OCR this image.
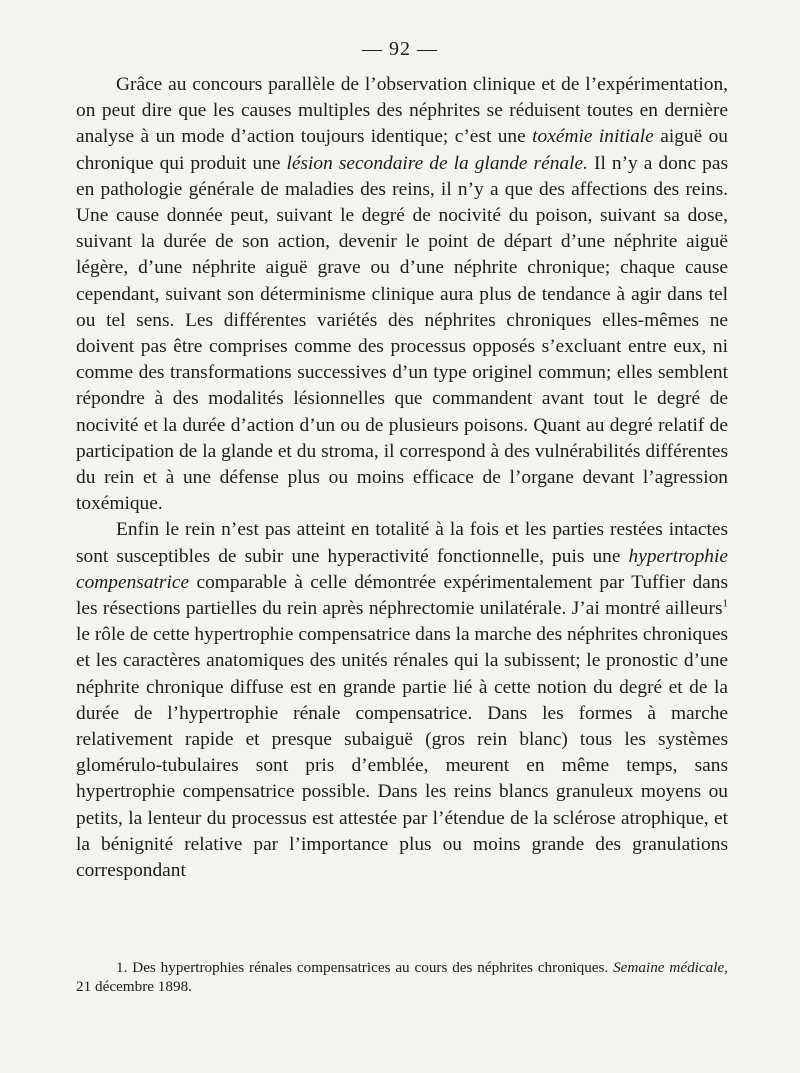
— 92 —

Grâce au concours parallèle de l’observation clinique et de l’expérimentation, on peut dire que les causes multiples des néphrites se réduisent toutes en dernière analyse à un mode d’action toujours identique; c’est une toxémie initiale aiguë ou chronique qui produit une lésion secondaire de la glande rénale. Il n’y a donc pas en pathologie générale de maladies des reins, il n’y a que des affections des reins. Une cause donnée peut, suivant le degré de nocivité du poison, suivant sa dose, suivant la durée de son action, devenir le point de départ d’une néphrite aiguë légère, d’une néphrite aiguë grave ou d’une néphrite chronique; chaque cause cependant, suivant son déterminisme clinique aura plus de tendance à agir dans tel ou tel sens. Les différentes variétés des néphrites chroniques elles-mêmes ne doivent pas être comprises comme des processus opposés s’excluant entre eux, ni comme des transformations successives d’un type originel commun; elles semblent répondre à des modalités lésionnelles que commandent avant tout le degré de nocivité et la durée d’action d’un ou de plusieurs poisons. Quant au degré relatif de participation de la glande et du stroma, il correspond à des vulnérabilités différentes du rein et à une défense plus ou moins efficace de l’organe devant l’agression toxémique.

Enfin le rein n’est pas atteint en totalité à la fois et les parties restées intactes sont susceptibles de subir une hyperactivité fonctionnelle, puis une hypertrophie compensatrice comparable à celle démontrée expérimentalement par Tuffier dans les résections partielles du rein après néphrectomie unilatérale. J’ai montré ailleurs$^1$ le rôle de cette hypertrophie compensatrice dans la marche des néphrites chroniques et les caractères anatomiques des unités rénales qui la subissent; le pronostic d’une néphrite chronique diffuse est en grande partie lié à cette notion du degré et de la durée de l’hypertrophie rénale compensatrice. Dans les formes à marche relativement rapide et presque subaiguë (gros rein blanc) tous les systèmes glomérulo-tubulaires sont pris d’emblée, meurent en même temps, sans hypertrophie compensatrice possible. Dans les reins blancs granuleux moyens ou petits, la lenteur du processus est attestée par l’étendue de la sclérose atrophique, et la bénignité relative par l’importance plus ou moins grande des granulations correspondant

1. Des hypertrophies rénales compensatrices au cours des néphrites chroniques. Semaine médicale, 21 décembre 1898.
